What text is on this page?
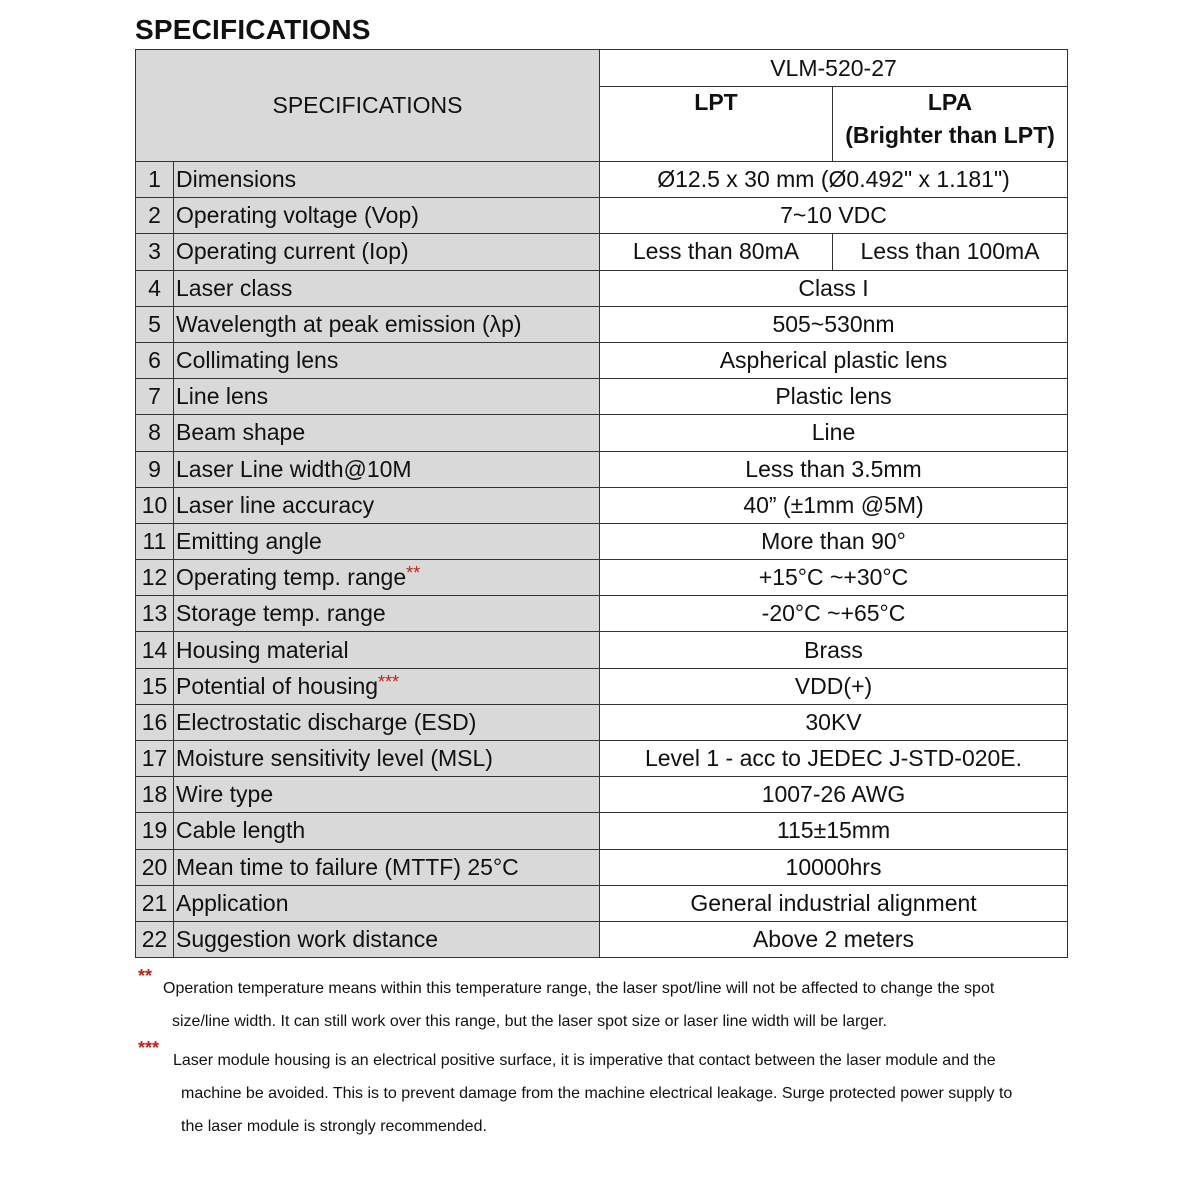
SPECIFICATIONS
SPECIFICATIONS		VLM-520-27	
		LPT	LPA
(Brighter than LPT)

1	Dimensions	Ø12.5 x 30 mm (Ø0.492" x 1.181")	
2	Operating voltage (Vop)	7~10 VDC	
3	Operating current (Iop)	Less than 80mA	Less than 100mA
4	Laser class	Class I	
5	Wavelength at peak emission (λp)	505~530nm	
6	Collimating lens	Aspherical plastic lens	
7	Line lens	Plastic lens	
8	Beam shape	Line	
9	Laser Line width@10M	Less than 3.5mm	
10	Laser line accuracy	40” (±1mm @5M)	
11	Emitting angle	More than 90°	
12	Operating temp. range**	+15°C ~+30°C	
13	Storage temp. range	-20°C ~+65°C	
14	Housing material	Brass	
15	Potential of housing***	VDD(+)	
16	Electrostatic discharge (ESD)	30KV	
17	Moisture sensitivity level (MSL)	Level 1 - acc to JEDEC J-STD-020E.	
18	Wire type	1007-26 AWG	
19	Cable length	115±15mm	
20	Mean time to failure (MTTF) 25°C	10000hrs	
21	Application	General industrial alignment	
22	Suggestion work distance	Above 2 meters	
**
Operation temperature means within this temperature range, the laser spot/line will not be affected to change the spot
size/line width. It can still work over this range, but the laser spot size or laser line width will be larger.
***
Laser module housing is an electrical positive surface, it is imperative that contact between the laser module and the
machine be avoided. This is to prevent damage from the machine electrical leakage. Surge protected power supply to
the laser module is strongly recommended.
